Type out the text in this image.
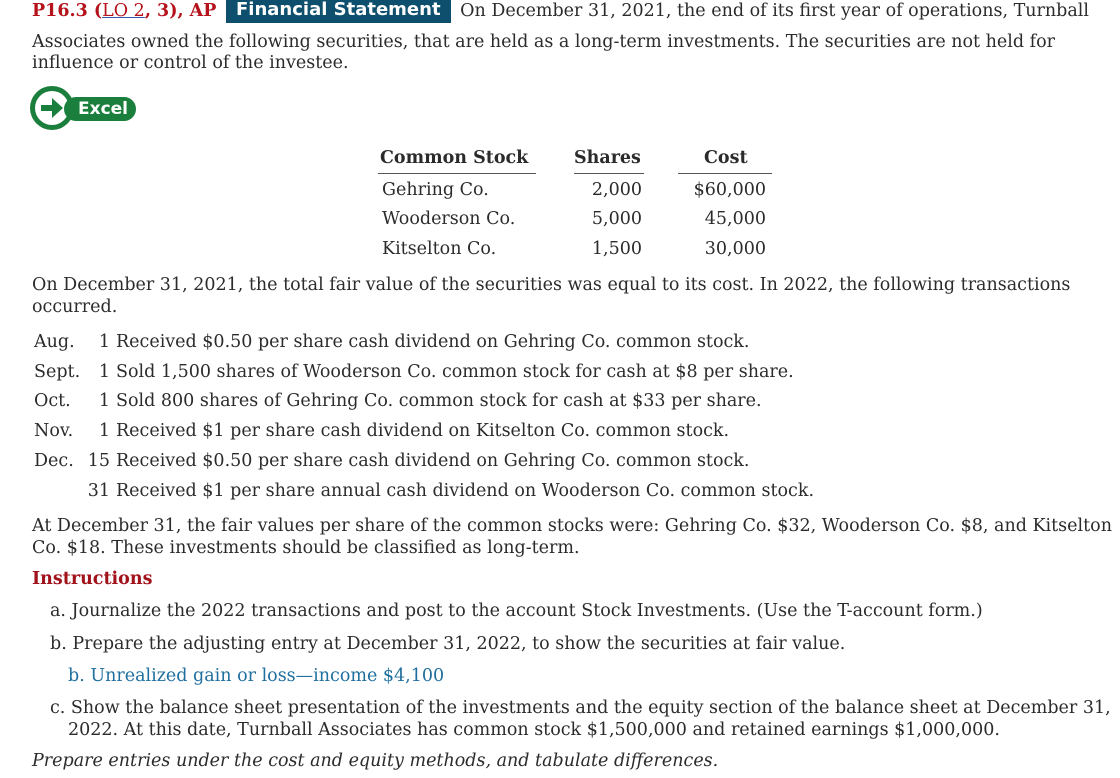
P16.3 (LO 2, 3), AP Financial Statement On December 31, 2021, the end of its first year of operations, Turnball
Associates owned the following securities, that are held as a long-term investments. The securities are not held for
influence or control of the investee.
Excel
Common Stock	Shares	Cost
Gehring Co.	2,000	$60,000
Wooderson Co.	5,000	45,000
Kitselton Co.	1,500	30,000
On December 31, 2021, the total fair value of the securities was equal to its cost. In 2022, the following transactions
occurred.
Aug.	1 Received $0.50 per share cash dividend on Gehring Co. common stock.
Sept.	1 Sold 1,500 shares of Wooderson Co. common stock for cash at $8 per share.
Oct.	1 Sold 800 shares of Gehring Co. common stock for cash at $33 per share.
Nov.	1 Received $1 per share cash dividend on Kitselton Co. common stock.
Dec. 15 Received $0.50 per share cash dividend on Gehring Co. common stock.
31 Received $1 per share annual cash dividend on Wooderson Co. common stock.
At December 31, the fair values per share of the common stocks were: Gehring Co. $32, Wooderson Co. $8, and Kitselton
Co. $18. These investments should be classified as long-term.
Instructions
a. Journalize the 2022 transactions and post to the account Stock Investments. (Use the T-account form.)
b. Prepare the adjusting entry at December 31, 2022, to show the securities at fair value.
b. Unrealized gain or loss—income $4,100
c. Show the balance sheet presentation of the investments and the equity section of the balance sheet at December 31,
2022. At this date, Turnball Associates has common stock $1,500,000 and retained earnings $1,000,000.
Prepare entries under the cost and equity methods, and tabulate differences.
